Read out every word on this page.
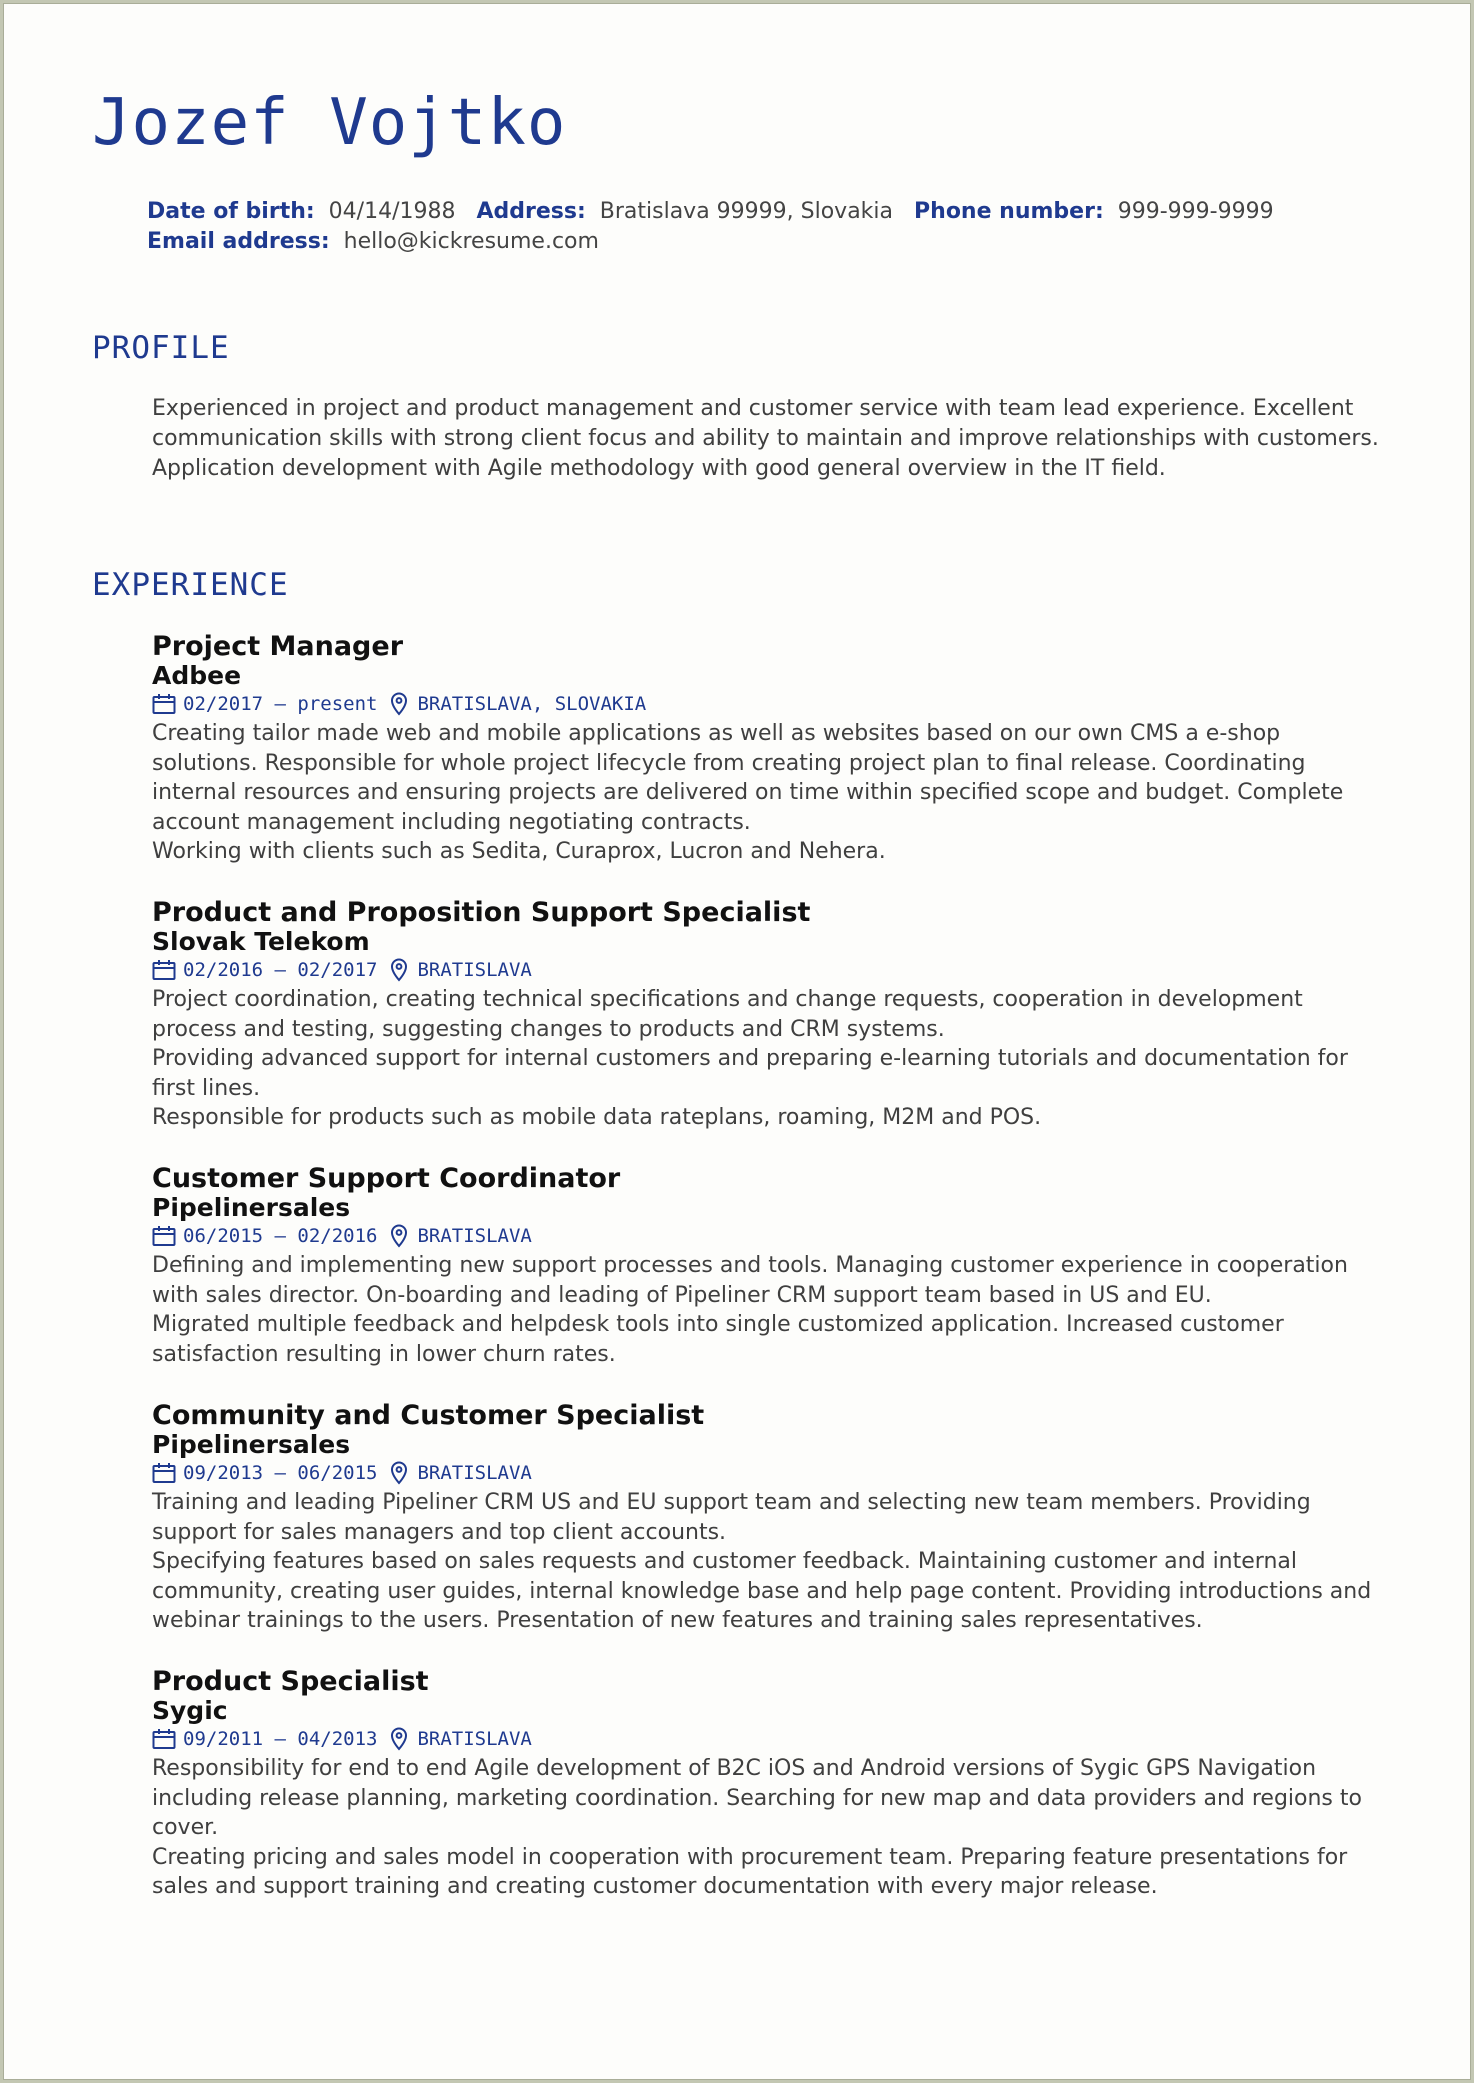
Jozef Vojtko
Date of birth: 04/14/1988 Address: Bratislava 99999, Slovakia Phone number: 999-999-9999
Email address: hello@kickresume.com
PROFILE

Experienced in project and product management and customer service with team lead experience. Excellent communication skills with strong client focus and ability to maintain and improve relationships with customers. Application development with Agile methodology with good general overview in the IT field.

EXPERIENCE
Project Manager
Adbee
02/2017 – present BRATISLAVA, SLOVAKIA

Creating tailor made web and mobile applications as well as websites based on our own CMS a e-shop solutions. Responsible for whole project lifecycle from creating project plan to final release. Coordinating internal resources and ensuring projects are delivered on time within specified scope and budget. Complete account management including negotiating contracts.

Working with clients such as Sedita, Curaprox, Lucron and Nehera.

Product and Proposition Support Specialist
Slovak Telekom
02/2016 – 02/2017 BRATISLAVA

Project coordination, creating technical specifications and change requests, cooperation in development process and testing, suggesting changes to products and CRM systems.

Providing advanced support for internal customers and preparing e-learning tutorials and documentation for first lines.

Responsible for products such as mobile data rateplans, roaming, M2M and POS.

Customer Support Coordinator
Pipelinersales
06/2015 – 02/2016 BRATISLAVA

Defining and implementing new support processes and tools. Managing customer experience in cooperation with sales director. On-boarding and leading of Pipeliner CRM support team based in US and EU.

Migrated multiple feedback and helpdesk tools into single customized application. Increased customer satisfaction resulting in lower churn rates.

Community and Customer Specialist
Pipelinersales
09/2013 – 06/2015 BRATISLAVA

Training and leading Pipeliner CRM US and EU support team and selecting new team members. Providing support for sales managers and top client accounts.

Specifying features based on sales requests and customer feedback. Maintaining customer and internal community, creating user guides, internal knowledge base and help page content. Providing introductions and webinar trainings to the users. Presentation of new features and training sales representatives.

Product Specialist
Sygic
09/2011 – 04/2013 BRATISLAVA

Responsibility for end to end Agile development of B2C iOS and Android versions of Sygic GPS Navigation including release planning, marketing coordination. Searching for new map and data providers and regions to cover.

Creating pricing and sales model in cooperation with procurement team. Preparing feature presentations for sales and support training and creating customer documentation with every major release.
